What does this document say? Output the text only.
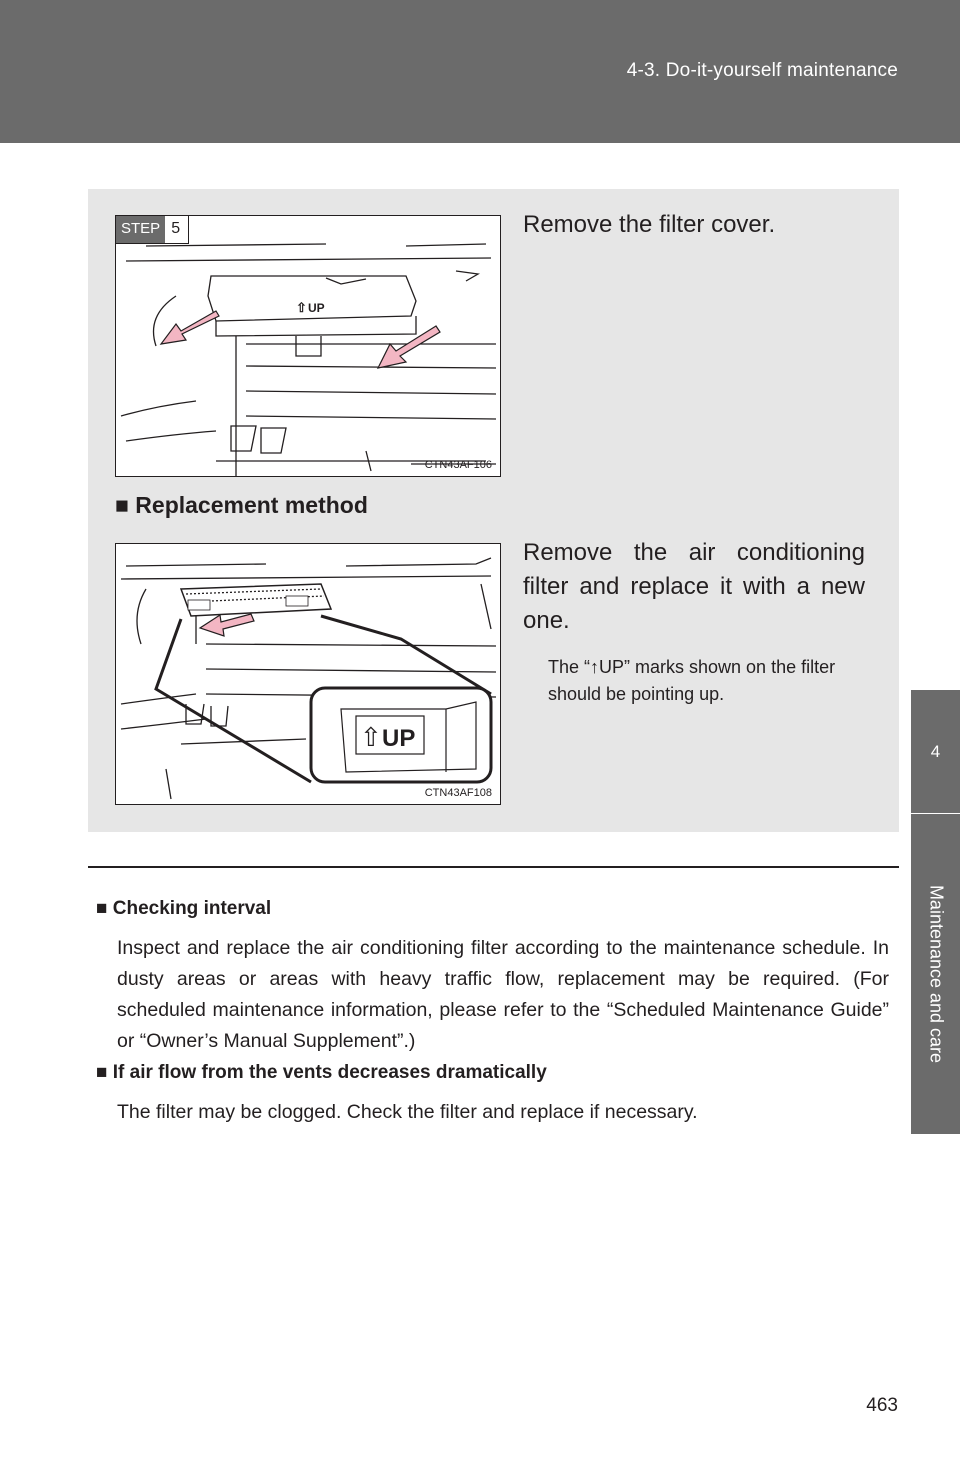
4-3. Do-it-yourself maintenance
4
Maintenance and care
⇧ UP
STEP 5
CTN43AF106
Remove the filter cover.
■ Replacement method
⇧ UP
CTN43AF108
Remove the air conditioning filter and replace it with a new one.
The “↑UP” marks shown on the filter should be pointing up.
■ Checking interval
Inspect and replace the air conditioning filter according to the maintenance schedule. In dusty areas or areas with heavy traffic flow, replacement may be required. (For scheduled maintenance information, please refer to the “Scheduled Maintenance Guide” or “Owner’s Manual Supplement”.)
■ If air flow from the vents decreases dramatically
The filter may be clogged. Check the filter and replace if necessary.
463
